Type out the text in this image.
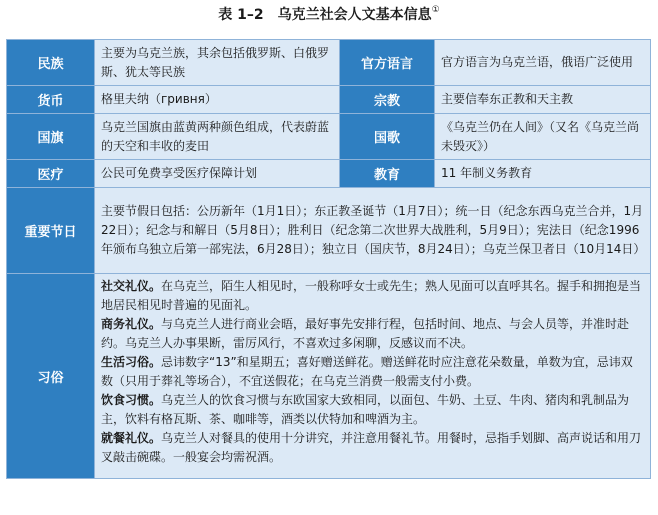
表 1–2　乌克兰社会人文基本信息①
民族	主要为乌克兰族，其余包括俄罗斯、白俄罗斯、犹太等民族	官方语言	官方语言为乌克兰语，俄语广泛使用
货币	格里夫纳（гривня）	宗教	主要信奉东正教和天主教
国旗	乌克兰国旗由蓝黄两种颜色组成，代表蔚蓝的天空和丰收的麦田	国歌	《乌克兰仍在人间》（又名《乌克兰尚未毁灭》）
医疗	公民可免费享受医疗保障计划	教育	11 年制义务教育
重要节日	主要节假日包括：公历新年（1月1日）；东正教圣诞节（1月7日）；统一日（纪念东西乌克兰合并，1月22日）；纪念与和解日（5月8日）；胜利日（纪念第二次世界大战胜利，5月9日）；宪法日（纪念1996年颁布乌独立后第一部宪法，6月28日）；独立日（国庆节，8月24日）；乌克兰保卫者日（10月14日）		
习俗	社交礼仪。在乌克兰，陌生人相见时，一般称呼女士或先生；熟人见面可以直呼其名。握手和拥抱是当地居民相见时普遍的见面礼。
商务礼仪。与乌克兰人进行商业会晤，最好事先安排行程，包括时间、地点、与会人员等，并准时赴约。乌克兰人办事果断，雷厉风行，不喜欢过多闲聊，反感议而不决。
生活习俗。忌讳数字“13”和星期五；喜好赠送鲜花。赠送鲜花时应注意花朵数量，单数为宜，忌讳双数（只用于葬礼等场合），不宜送假花；在乌克兰消费一般需支付小费。
饮食习惯。乌克兰人的饮食习惯与东欧国家大致相同，以面包、牛奶、土豆、牛肉、猪肉和乳制品为主，饮料有格瓦斯、茶、咖啡等，酒类以伏特加和啤酒为主。
就餐礼仪。乌克兰人对餐具的使用十分讲究，并注意用餐礼节。用餐时，忌指手划脚、高声说话和用刀叉敲击碗碟。一般宴会均需祝酒。		
